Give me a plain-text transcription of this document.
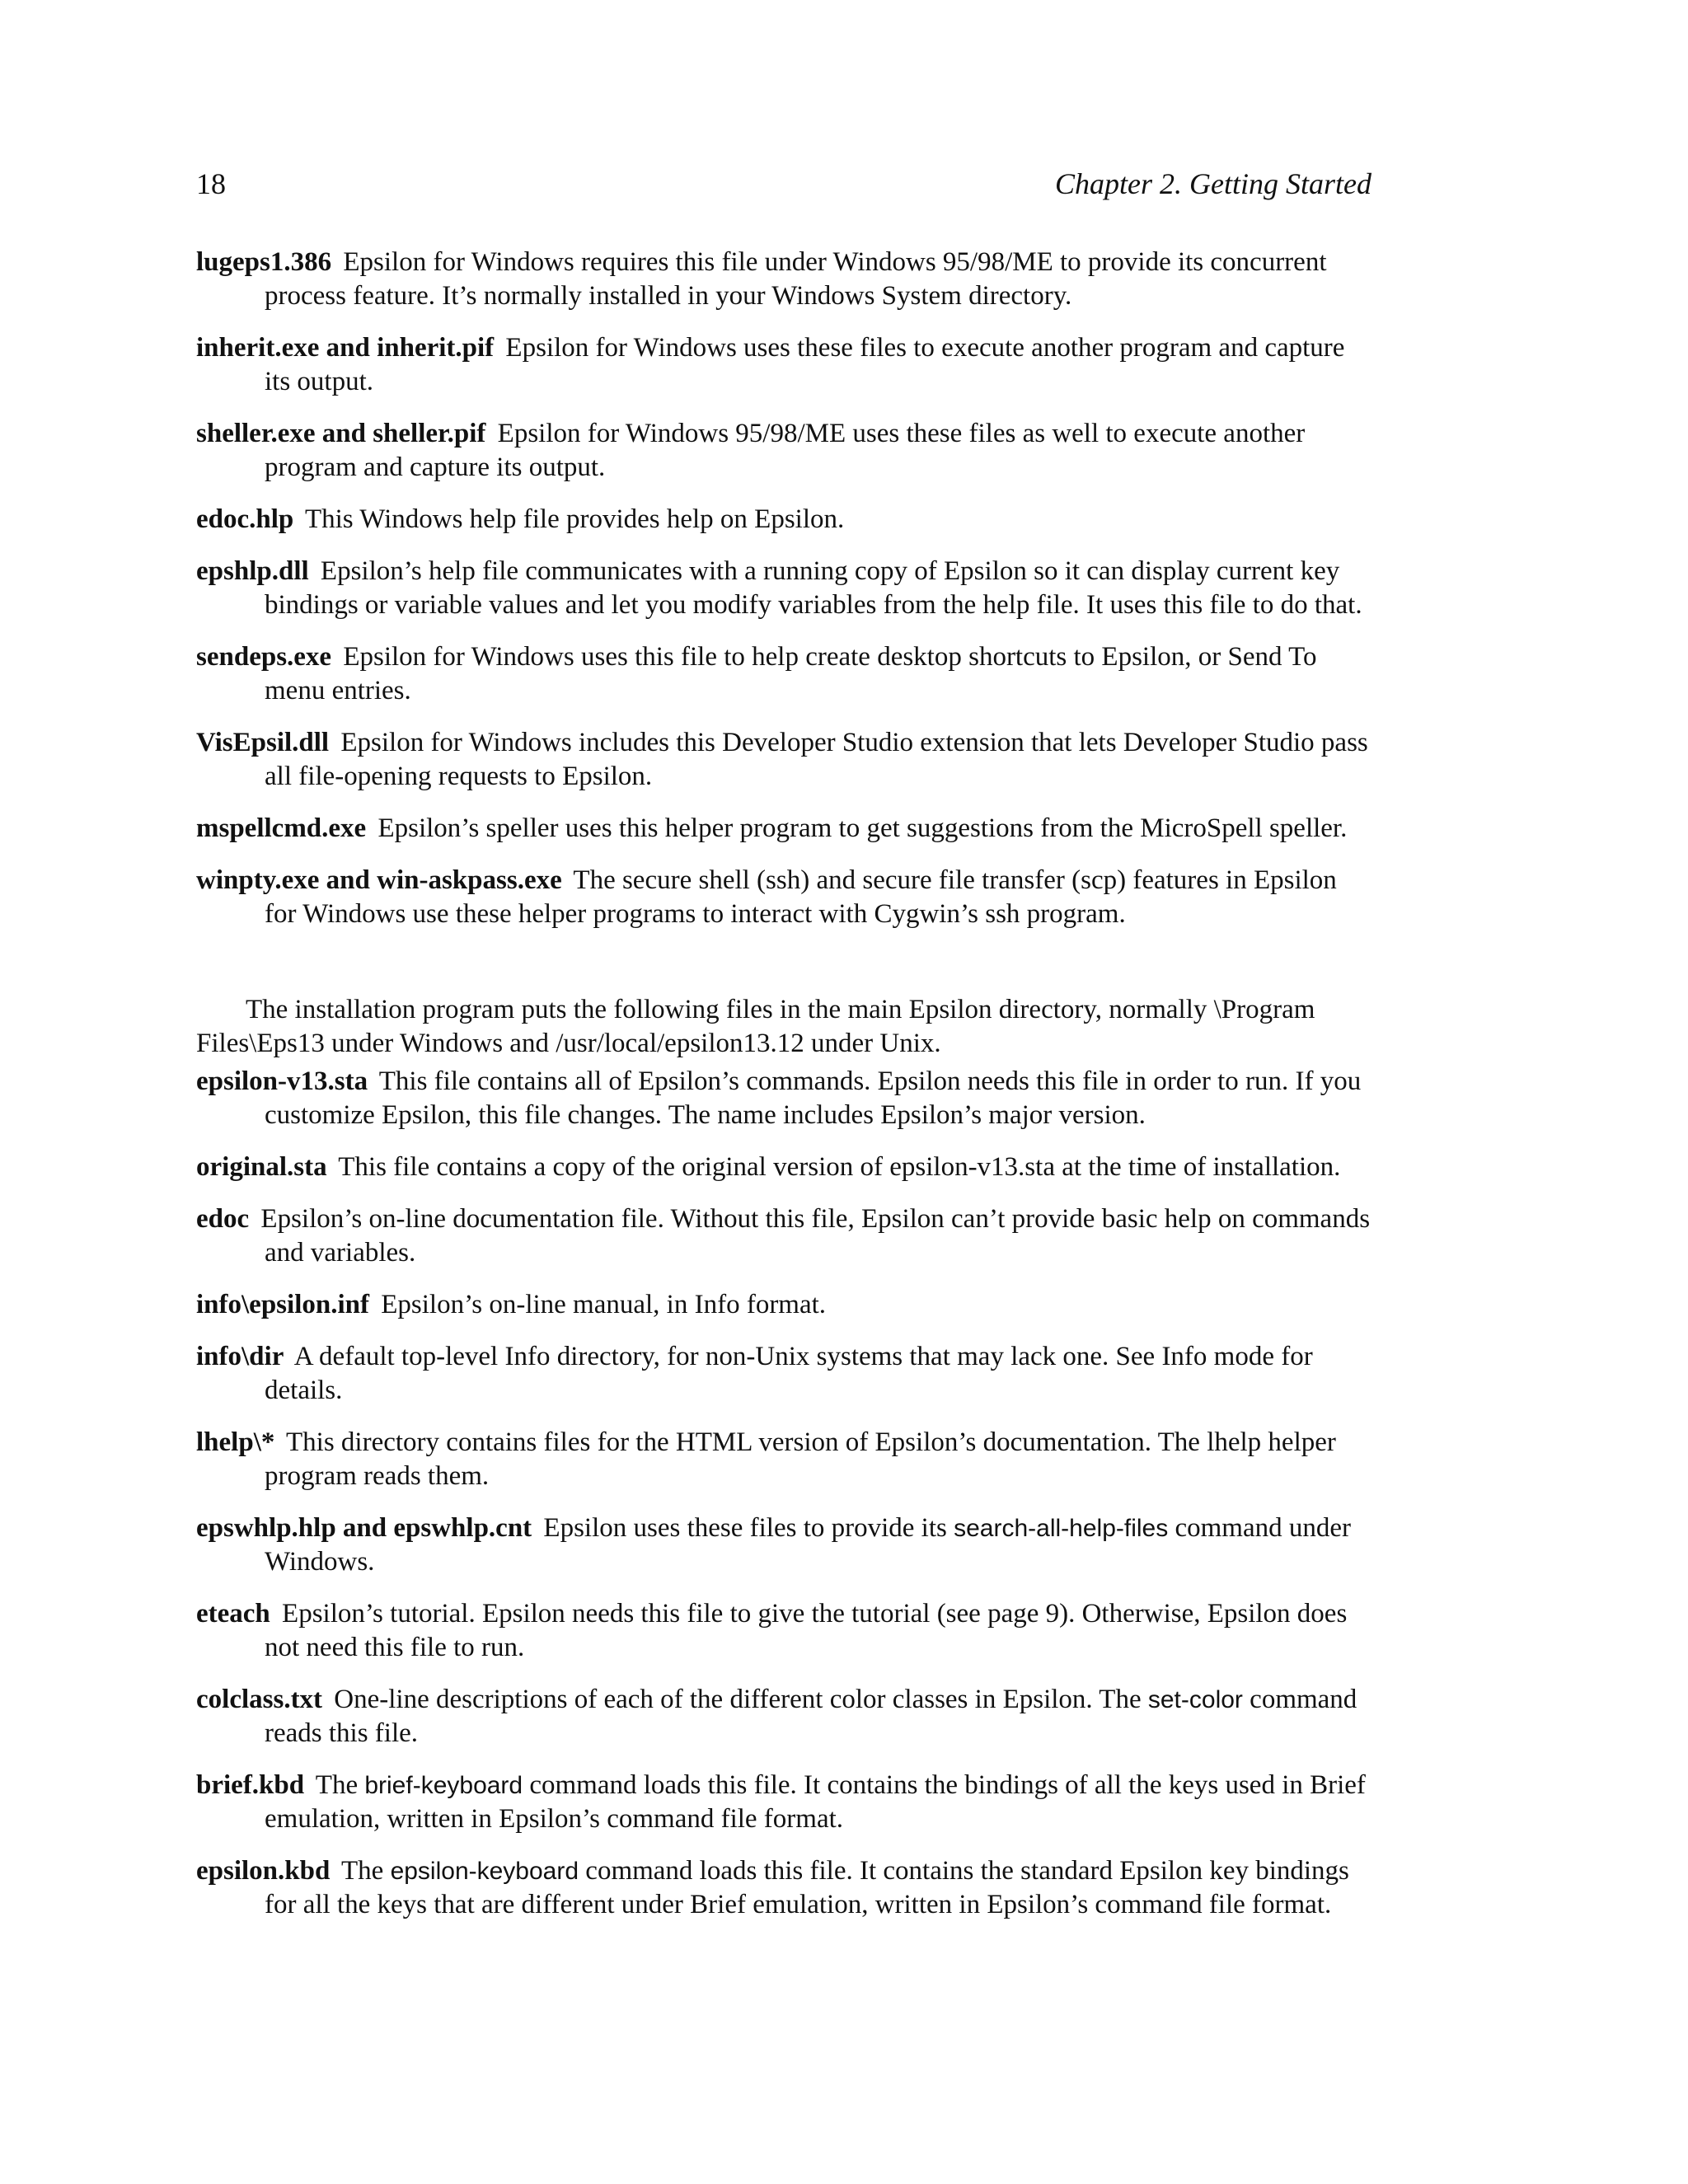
18	Chapter 2. Getting Started
lugeps1.386 Epsilon for Windows requires this file under Windows 95/98/ME to provide its concurrent process feature. It’s normally installed in your Windows System directory.
inherit.exe and inherit.pif Epsilon for Windows uses these files to execute another program and capture its output.
sheller.exe and sheller.pif Epsilon for Windows 95/98/ME uses these files as well to execute another program and capture its output.
edoc.hlp This Windows help file provides help on Epsilon.
epshlp.dll Epsilon’s help file communicates with a running copy of Epsilon so it can display current key bindings or variable values and let you modify variables from the help file. It uses this file to do that.
sendeps.exe Epsilon for Windows uses this file to help create desktop shortcuts to Epsilon, or Send To menu entries.
VisEpsil.dll Epsilon for Windows includes this Developer Studio extension that lets Developer Studio pass all file-opening requests to Epsilon.
mspellcmd.exe Epsilon’s speller uses this helper program to get suggestions from the MicroSpell speller.
winpty.exe and win-askpass.exe The secure shell (ssh) and secure file transfer (scp) features in Epsilon for Windows use these helper programs to interact with Cygwin’s ssh program.

The installation program puts the following files in the main Epsilon directory, normally \Program Files\Eps13 under Windows and /usr/local/epsilon13.12 under Unix.

epsilon-v13.sta This file contains all of Epsilon’s commands. Epsilon needs this file in order to run. If you customize Epsilon, this file changes. The name includes Epsilon’s major version.
original.sta This file contains a copy of the original version of epsilon-v13.sta at the time of installation.
edoc Epsilon’s on-line documentation file. Without this file, Epsilon can’t provide basic help on commands and variables.
info\epsilon.inf Epsilon’s on-line manual, in Info format.
info\dir A default top-level Info directory, for non-Unix systems that may lack one. See Info mode for details.
lhelp\* This directory contains files for the HTML version of Epsilon’s documentation. The lhelp helper program reads them.
epswhlp.hlp and epswhlp.cnt Epsilon uses these files to provide its search-all-help-files command under Windows.
eteach Epsilon’s tutorial. Epsilon needs this file to give the tutorial (see page 9). Otherwise, Epsilon does not need this file to run.
colclass.txt One-line descriptions of each of the different color classes in Epsilon. The set-color command reads this file.
brief.kbd The brief-keyboard command loads this file. It contains the bindings of all the keys used in Brief emulation, written in Epsilon’s command file format.
epsilon.kbd The epsilon-keyboard command loads this file. It contains the standard Epsilon key bindings for all the keys that are different under Brief emulation, written in Epsilon’s command file format.
